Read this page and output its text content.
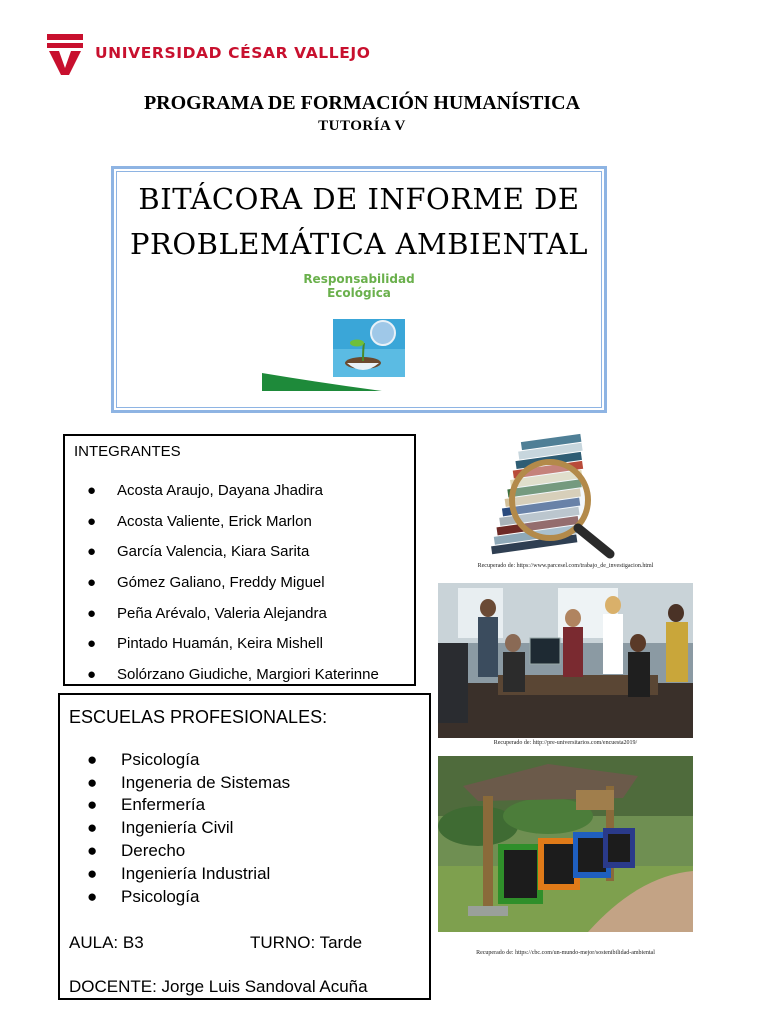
UNIVERSIDAD CÉSAR VALLEJO
PROGRAMA DE FORMACIÓN HUMANÍSTICA
TUTORÍA V
BITÁCORA DE INFORME DE
PROBLEMÁTICA AMBIENTAL
Responsabilidad
Ecológica
INTEGRANTES
● Acosta Araujo, Dayana Jhadira
● Acosta Valiente, Erick Marlon
● García Valencia, Kiara Sarita
● Gómez Galiano, Freddy Miguel
● Peña Arévalo, Valeria Alejandra
● Pintado Huamán, Keira Mishell
● Solórzano Giudiche, Margiori Katerinne
ESCUELAS PROFESIONALES:
● Psicología
● Ingeneria de Sistemas
● Enfermería
● Ingeniería Civil
● Derecho
● Ingeniería Industrial
● Psicología
AULA: B3	TURNO: Tarde
DOCENTE: Jorge Luis Sandoval Acuña
Recuperado de: https://www.parcesel.com/trabajo_de_investigacion.html
Recuperado de: http://pre-universitarios.com/encuesta2019/
Recuperado de: https://cbc.com/un-mundo-mejor/sostenibilidad-ambiental
